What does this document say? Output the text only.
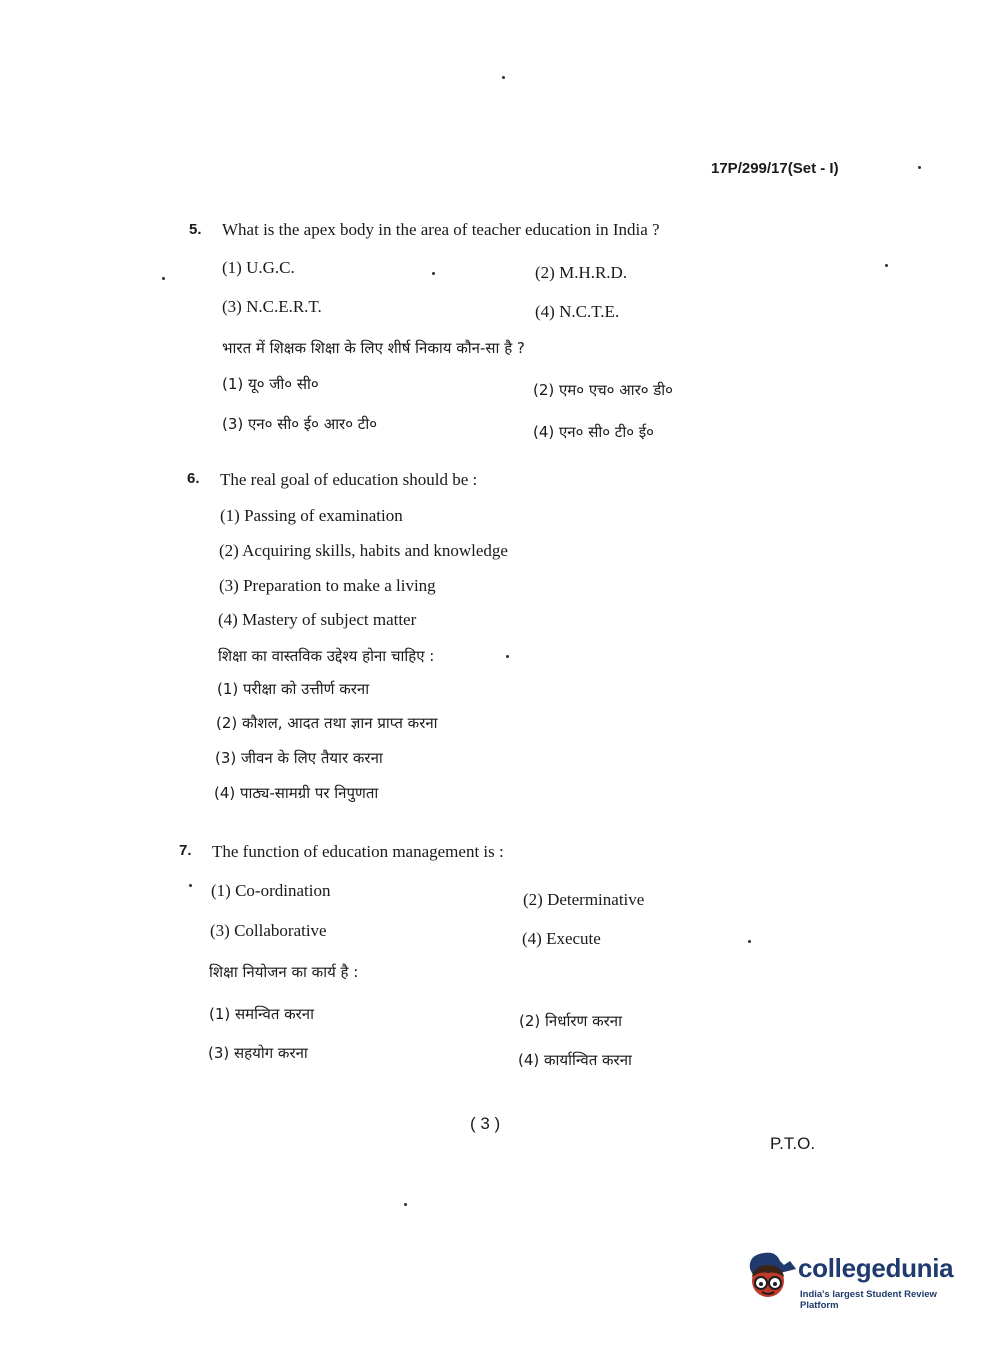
17P/299/17(Set - I)
5. What is the apex body in the area of teacher education in India ?
(1) U.G.C.	(2) M.H.R.D.
(3) N.C.E.R.T.	(4) N.C.T.E.
भारत में शिक्षक शिक्षा के लिए शीर्ष निकाय कौन-सा है ?
(1) यू० जी० सी०	(2) एम० एच० आर० डी०
(3) एन० सी० ई० आर० टी०	(4) एन० सी० टी० ई०
6. The real goal of education should be :
(1) Passing of examination
(2) Acquiring skills, habits and knowledge
(3) Preparation to make a living
(4) Mastery of subject matter
शिक्षा का वास्तविक उद्देश्य होना चाहिए :
(1) परीक्षा को उत्तीर्ण करना
(2) कौशल, आदत तथा ज्ञान प्राप्त करना
(3) जीवन के लिए तैयार करना
(4) पाठ्य-सामग्री पर निपुणता
7. The function of education management is :
(1) Co-ordination	(2) Determinative
(3) Collaborative	(4) Execute
शिक्षा नियोजन का कार्य है :
(1) समन्वित करना	(2) निर्धारण करना
(3) सहयोग करना	(4) कार्यान्वित करना
( 3 )
P.T.O.
collegedunia
India's largest Student Review Platform
